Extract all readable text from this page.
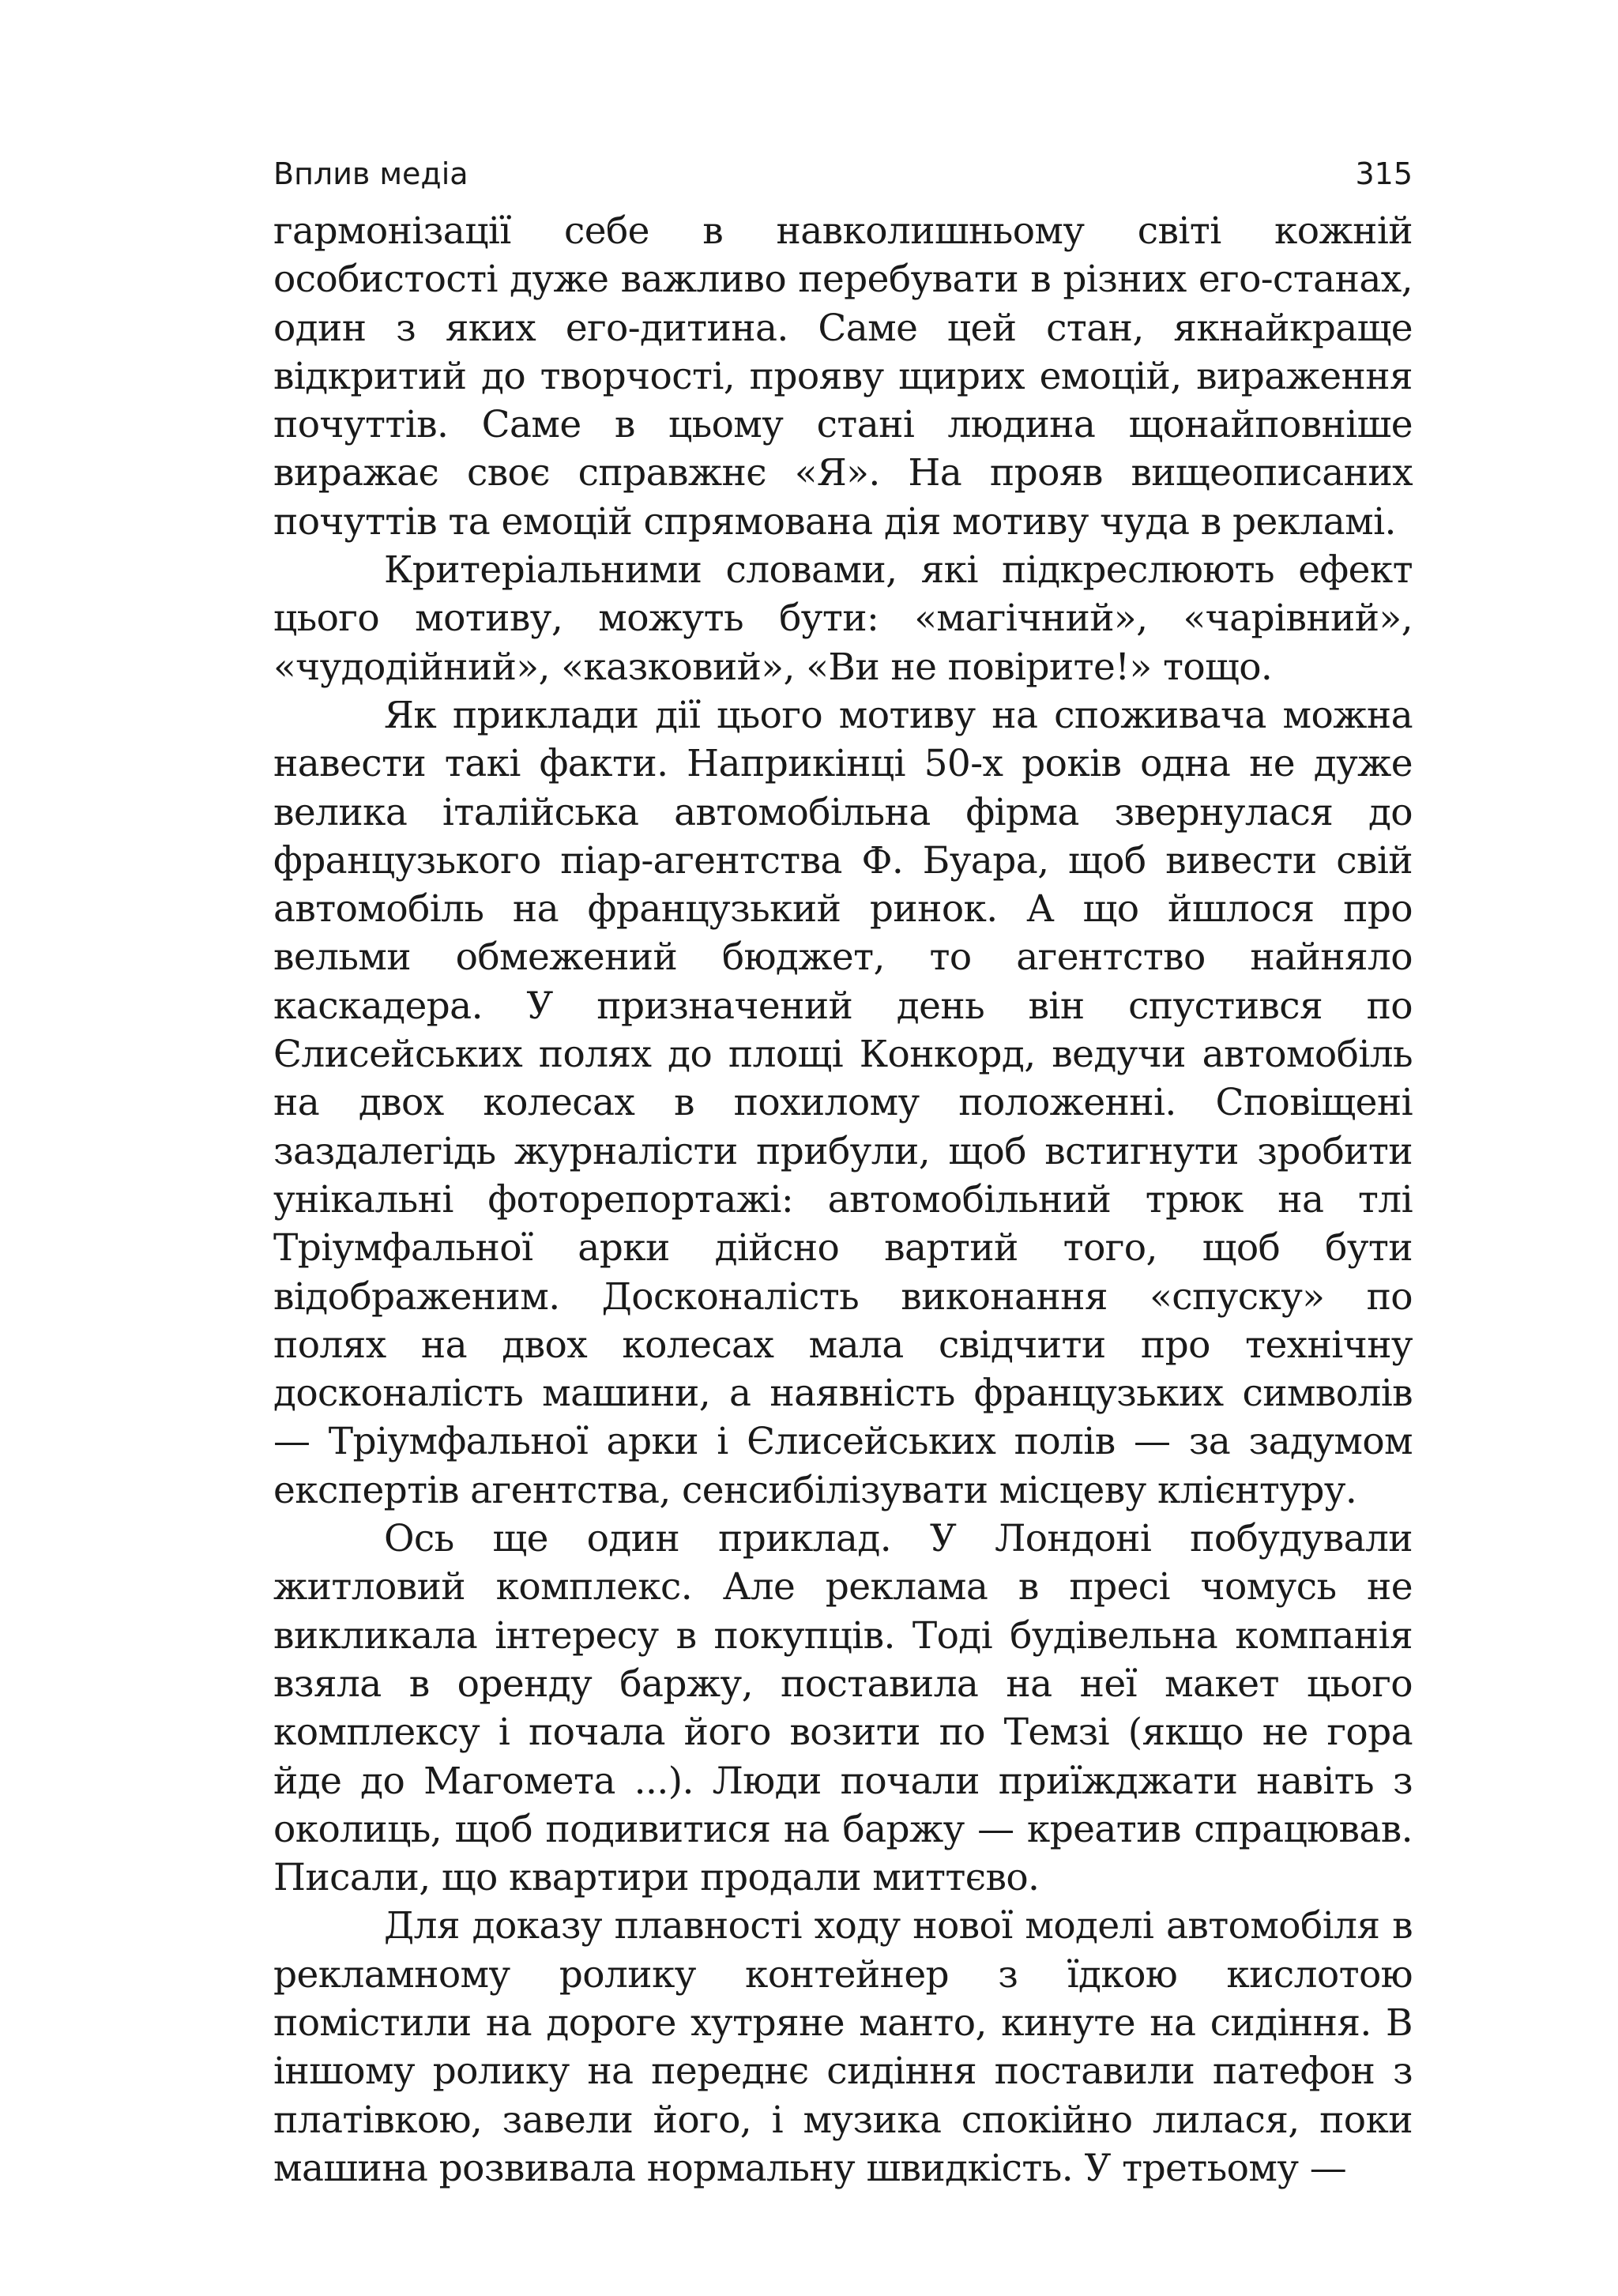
Вплив медіа	315

гармонізації себе в навколишньому світі кожній особистості дуже важливо перебувати в різних его-станах, один з яких его-дитина. Саме цей стан, якнайкраще відкритий до творчості, прояву щирих емоцій, вираження почуттів. Саме в цьому стані людина щонайповніше виражає своє справжнє «Я». На прояв вищеописаних почуттів та емоцій спрямована дія мотиву чуда в рекламі.

Критеріальними словами, які підкреслюють ефект цього мотиву, можуть бути: «магічний», «чарівний», «чудодійний», «казковий», «Ви не повірите!» тощо.

Як приклади дії цього мотиву на споживача можна навести такі факти. Наприкінці 50-х років одна не дуже велика італійська автомобільна фірма звернулася до французького піар-агентства Ф. Буара, щоб вивести свій автомобіль на французький ринок. А що йшлося про вельми обмежений бюджет, то агентство найняло каскадера. У призначений день він спустився по Єлисейських полях до площі Конкорд, ведучи автомобіль на двох колесах в похилому положенні. Сповіщені заздалегідь журналісти прибули, щоб встигнути зробити унікальні фоторепортажі: автомобільний трюк на тлі Тріумфальної арки дійсно вартий того, щоб бути відображеним. Досконалість виконання «спуску» по полях на двох колесах мала свідчити про технічну досконалість машини, а наявність французьких символів — Тріумфальної арки і Єлисейських полів — за задумом експертів агентства, сенсибілізувати місцеву клієнтуру.

Ось ще один приклад. У Лондоні побудували житловий комплекс. Але реклама в пресі чомусь не викликала інтересу в покупців. Тоді будівельна компанія взяла в оренду баржу, поставила на неї макет цього комплексу і почала його возити по Темзі (якщо не гора йде до Магомета ...). Люди почали приїжджати навіть з околиць, щоб подивитися на баржу — креатив спрацював. Писали, що квартири продали миттєво.

Для доказу плавності ходу нової моделі автомобіля в рекламному ролику контейнер з їдкою кислотою помістили на дороге хутряне манто, кинуте на сидіння. В іншому ролику на переднє сидіння поставили патефон з платівкою, завели його, і музика спокійно лилася, поки машина розвивала нормальну швидкість. У третьому —
